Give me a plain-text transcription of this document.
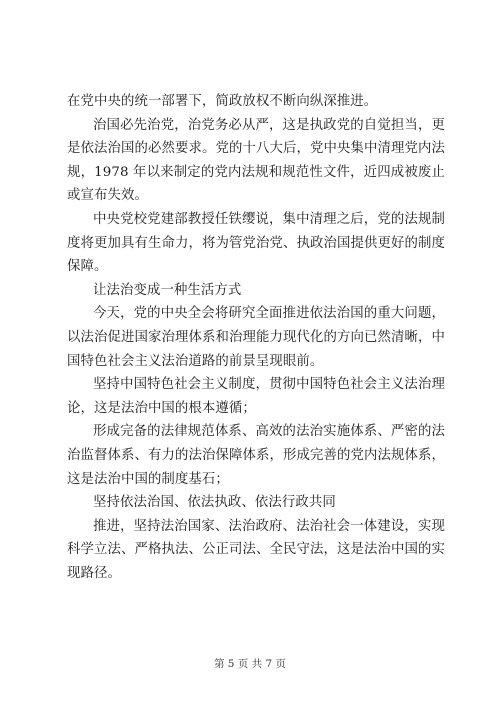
在党中央的统一部署下，简政放权不断向纵深推进。
治国必先治党，治党务必从严，这是执政党的自觉担当，更
是依法治国的必然要求。党的十八大后，党中央集中清理党内法
规，1978 年以来制定的党内法规和规范性文件，近四成被废止
或宣布失效。
中央党校党建部教授任铁缨说，集中清理之后，党的法规制
度将更加具有生命力，将为管党治党、执政治国提供更好的制度
保障。
让法治变成一种生活方式
今天，党的中央全会将研究全面推进依法治国的重大问题，
以法治促进国家治理体系和治理能力现代化的方向已然清晰，中
国特色社会主义法治道路的前景呈现眼前。
坚持中国特色社会主义制度，贯彻中国特色社会主义法治理
论，这是法治中国的根本遵循；
形成完备的法律规范体系、高效的法治实施体系、严密的法
治监督体系、有力的法治保障体系，形成完善的党内法规体系，
这是法治中国的制度基石；
坚持依法治国、依法执政、依法行政共同
推进，坚持法治国家、法治政府、法治社会一体建设，实现
科学立法、严格执法、公正司法、全民守法，这是法治中国的实
现路径。
第 5 页 共 7 页
